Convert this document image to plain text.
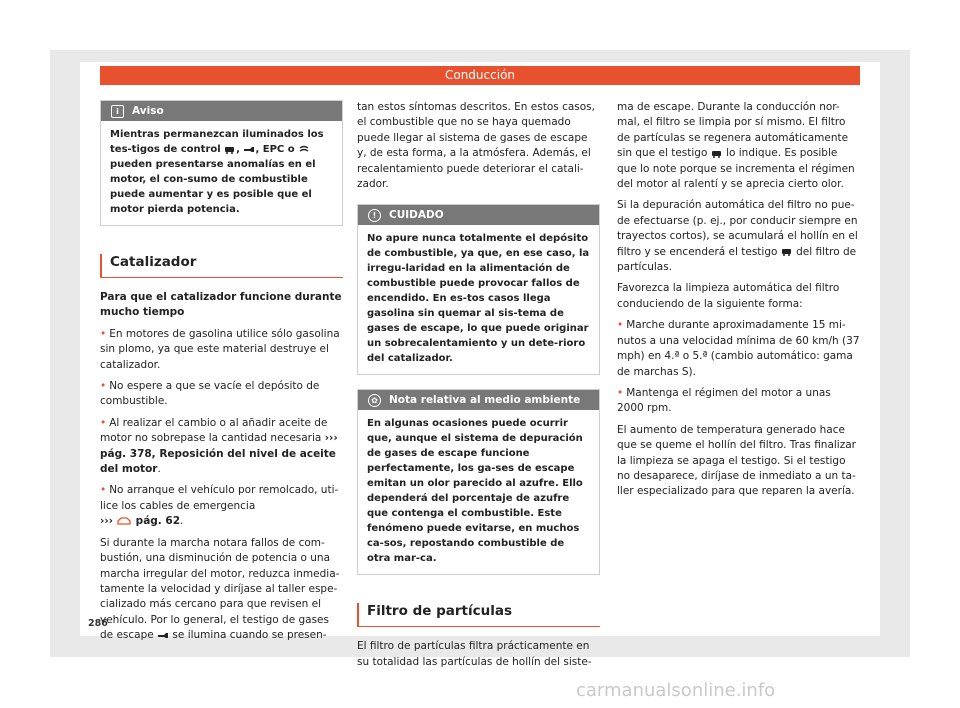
Conducción
i	Aviso
Mientras permanezcan iluminados los tes-tigos de control , , EPC o  pueden presentarse anomalías en el motor, el con-sumo de combustible puede aumentar y es posible que el motor pierda potencia.
Catalizador

Para que el catalizador funcione durante mucho tiempo

• En motores de gasolina utilice sólo gasolina sin plomo, ya que este material destruye el catalizador.

• No espere a que se vacíe el depósito de combustible.

• Al realizar el cambio o al añadir aceite de motor no sobrepase la cantidad necesaria ››› pág. 378, Reposición del nivel de aceite del motor.

• No arranque el vehículo por remolcado, uti-lice los cables de emergencia
››› pág. 62.

Si durante la marcha notara fallos de com-bustión, una disminución de potencia o una marcha irregular del motor, reduzca inmedia-tamente la velocidad y diríjase al taller espe-cializado más cercano para que revisen el vehículo. Por lo general, el testigo de gases de escape se ilumina cuando se presen-

tan estos síntomas descritos. En estos casos, el combustible que no se haya quemado puede llegar al sistema de gases de escape y, de esta forma, a la atmósfera. Además, el recalentamiento puede deteriorar el catali-zador.

!	CUIDADO
No apure nunca totalmente el depósito de combustible, ya que, en ese caso, la irregu-laridad en la alimentación de combustible puede provocar fallos de encendido. En es-tos casos llega gasolina sin quemar al sis-tema de gases de escape, lo que puede originar un sobrecalentamiento y un dete-rioro del catalizador.
✿	Nota relativa al medio ambiente
En algunas ocasiones puede ocurrir que, aunque el sistema de depuración de gases de escape funcione perfectamente, los ga-ses de escape emitan un olor parecido al azufre. Ello dependerá del porcentaje de azufre que contenga el combustible. Este fenómeno puede evitarse, en muchos ca-sos, repostando combustible de otra mar-ca.
Filtro de partículas

El filtro de partículas filtra prácticamente en su totalidad las partículas de hollín del siste-

ma de escape. Durante la conducción nor-mal, el filtro se limpia por sí mismo. El filtro de partículas se regenera automáticamente sin que el testigo lo indique. Es posible que lo note porque se incrementa el régimen del motor al ralentí y se aprecia cierto olor.

Si la depuración automática del filtro no pue-de efectuarse (p. ej., por conducir siempre en trayectos cortos), se acumulará el hollín en el filtro y se encenderá el testigo del filtro de partículas.

Favorezca la limpieza automática del filtro conduciendo de la siguiente forma:

• Marche durante aproximadamente 15 mi-nutos a una velocidad mínima de 60 km/h (37 mph) en 4.ª o 5.ª (cambio automático: gama de marchas S).

• Mantenga el régimen del motor a unas 2000 rpm.

El aumento de temperatura generado hace que se queme el hollín del filtro. Tras finalizar la limpieza se apaga el testigo. Si el testigo no desaparece, diríjase de inmediato a un ta-ller especializado para que reparen la avería.

286
carmanualsonline.info
